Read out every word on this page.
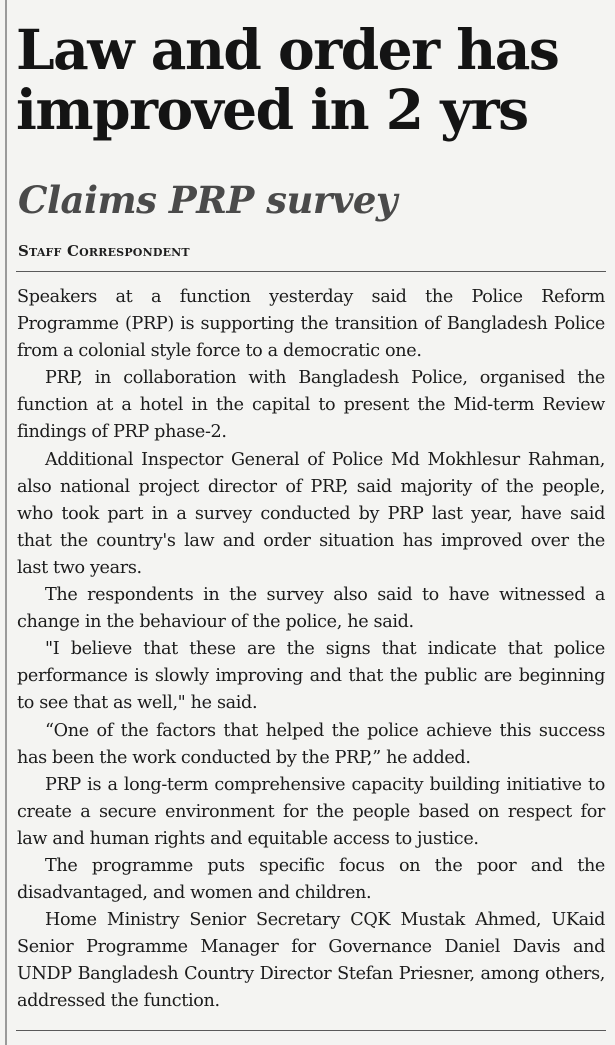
Law and order has improved in 2 yrs
Claims PRP survey
Staff Correspondent

Speakers at a function yesterday said the Police Reform Programme (PRP) is supporting the transition of Bangladesh Police from a colonial style force to a democratic one.

PRP, in collaboration with Bangladesh Police, organised the function at a hotel in the capital to present the Mid-term Review findings of PRP phase-2.

Additional Inspector General of Police Md Mokhlesur Rahman, also national project director of PRP, said majority of the people, who took part in a survey conducted by PRP last year, have said that the country's law and order situation has improved over the last two years.

The respondents in the survey also said to have witnessed a change in the behaviour of the police, he said.

"I believe that these are the signs that indicate that police performance is slowly improving and that the public are beginning to see that as well," he said.

“One of the factors that helped the police achieve this success has been the work conducted by the PRP,” he added.

PRP is a long-term comprehensive capacity building initiative to create a secure environment for the people based on respect for law and human rights and equitable access to justice.

The programme puts specific focus on the poor and the disadvantaged, and women and children.

Home Ministry Senior Secretary CQK Mustak Ahmed, UKaid Senior Programme Manager for Governance Daniel Davis and UNDP Bangladesh Country Director Stefan Priesner, among others, addressed the function.
